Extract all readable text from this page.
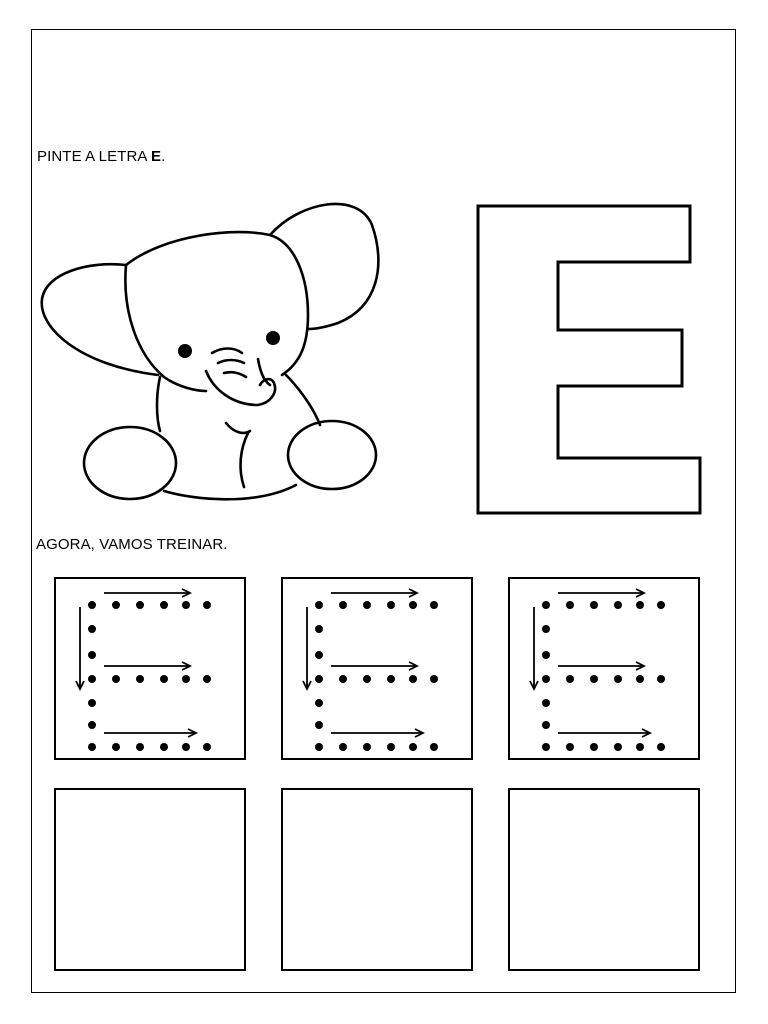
PINTE A LETRA E.
AGORA, VAMOS TREINAR.
